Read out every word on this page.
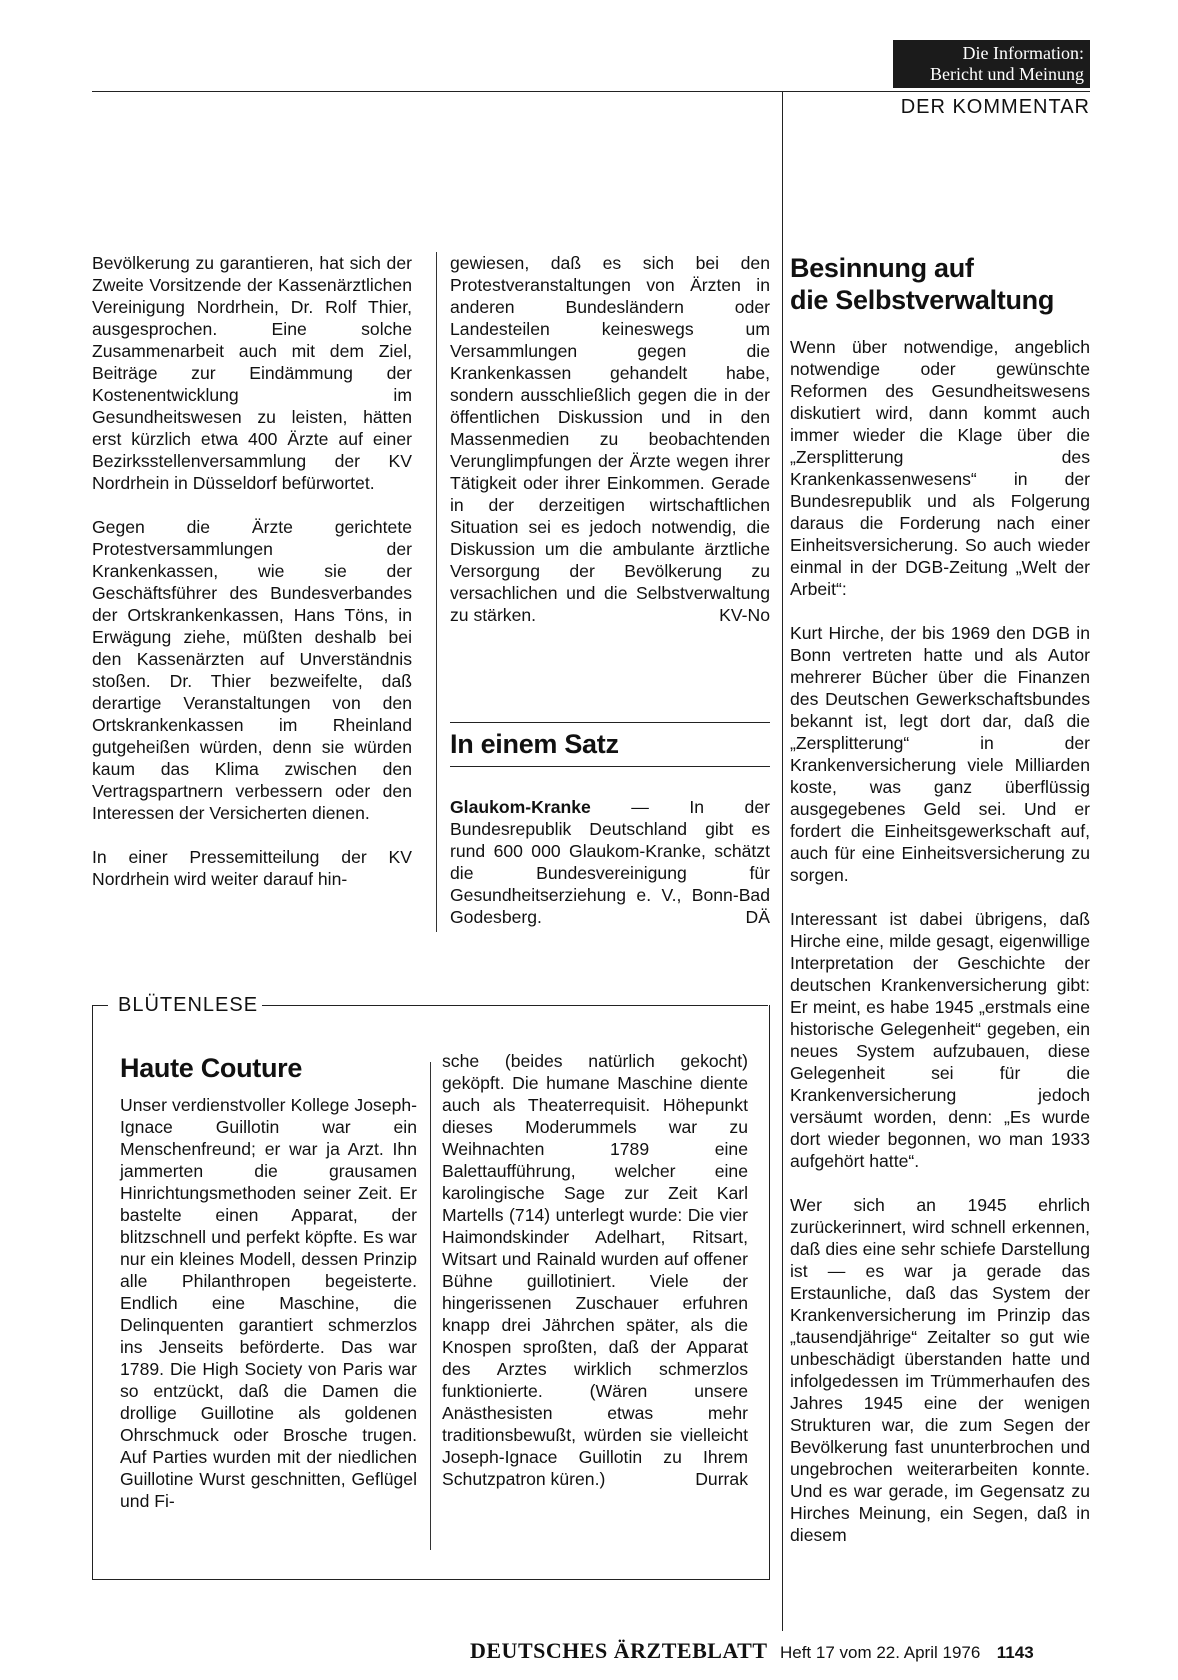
Die Information:
Bericht und Meinung
DER KOMMENTAR

Bevölkerung zu garantieren, hat sich der Zweite Vorsitzende der Kassenärztlichen Vereinigung Nordrhein, Dr. Rolf Thier, ausgesprochen. Eine solche Zusammenarbeit auch mit dem Ziel, Beiträge zur Eindämmung der Kostenentwicklung im Gesundheitswesen zu leisten, hätten erst kürzlich etwa 400 Ärzte auf einer Bezirksstellenversammlung der KV Nordrhein in Düsseldorf befürwortet.

Gegen die Ärzte gerichtete Protestversammlungen der Krankenkassen, wie sie der Geschäftsführer des Bundesverbandes der Ortskrankenkassen, Hans Töns, in Erwägung ziehe, müßten deshalb bei den Kassenärzten auf Unverständnis stoßen. Dr. Thier bezweifelte, daß derartige Veranstaltungen von den Ortskrankenkassen im Rheinland gutgeheißen würden, denn sie würden kaum das Klima zwischen den Vertragspartnern verbessern oder den Interessen der Versicherten dienen.

In einer Pressemitteilung der KV Nordrhein wird weiter darauf hin-

gewiesen, daß es sich bei den Protestveranstaltungen von Ärzten in anderen Bundesländern oder Landesteilen keineswegs um Versammlungen gegen die Krankenkassen gehandelt habe, sondern ausschließlich gegen die in der öffentlichen Diskussion und in den Massenmedien zu beobachtenden Verunglimpfungen der Ärzte wegen ihrer Tätigkeit oder ihrer Einkommen. Gerade in der derzeitigen wirtschaftlichen Situation sei es jedoch notwendig, die Diskussion um die ambulante ärztliche Versorgung der Bevölkerung zu versachlichen und die Selbstverwaltung zu stärken.	KV-No

In einem Satz

Glaukom-Kranke — In der Bundesrepublik Deutschland gibt es rund 600 000 Glaukom-Kranke, schätzt die Bundesvereinigung für Gesundheitserziehung e. V., Bonn-Bad Godesberg.	DÄ

Besinnung auf
die Selbstverwaltung

Wenn über notwendige, angeblich notwendige oder gewünschte Reformen des Gesundheitswesens diskutiert wird, dann kommt auch immer wieder die Klage über die „Zersplitterung des Krankenkassenwesens“ in der Bundesrepublik und als Folgerung daraus die Forderung nach einer Einheitsversicherung. So auch wieder einmal in der DGB-Zeitung „Welt der Arbeit“:

Kurt Hirche, der bis 1969 den DGB in Bonn vertreten hatte und als Autor mehrerer Bücher über die Finanzen des Deutschen Gewerkschaftsbundes bekannt ist, legt dort dar, daß die „Zersplitterung“ in der Krankenversicherung viele Milliarden koste, was ganz überflüssig ausgegebenes Geld sei. Und er fordert die Einheitsgewerkschaft auf, auch für eine Einheitsversicherung zu sorgen.

Interessant ist dabei übrigens, daß Hirche eine, milde gesagt, eigenwillige Interpretation der Geschichte der deutschen Krankenversicherung gibt: Er meint, es habe 1945 „erstmals eine historische Gelegenheit“ gegeben, ein neues System aufzubauen, diese Gelegenheit sei für die Krankenversicherung jedoch versäumt worden, denn: „Es wurde dort wieder begonnen, wo man 1933 aufgehört hatte“.

Wer sich an 1945 ehrlich zurückerinnert, wird schnell erkennen, daß dies eine sehr schiefe Darstellung ist — es war ja gerade das Erstaunliche, daß das System der Krankenversicherung im Prinzip das „tausendjährige“ Zeitalter so gut wie unbeschädigt überstanden hatte und infolgedessen im Trümmerhaufen des Jahres 1945 eine der wenigen Strukturen war, die zum Segen der Bevölkerung fast ununterbrochen und ungebrochen weiterarbeiten konnte. Und es war gerade, im Gegensatz zu Hirches Meinung, ein Segen, daß in diesem

BLÜTENLESE
Haute Couture

Unser verdienstvoller Kollege Joseph-Ignace Guillotin war ein Menschenfreund; er war ja Arzt. Ihn jammerten die grausamen Hinrichtungsmethoden seiner Zeit. Er bastelte einen Apparat, der blitzschnell und perfekt köpfte. Es war nur ein kleines Modell, dessen Prinzip alle Philanthropen begeisterte. Endlich eine Maschine, die Delinquenten garantiert schmerzlos ins Jenseits beförderte. Das war 1789. Die High Society von Paris war so entzückt, daß die Damen die drollige Guillotine als goldenen Ohrschmuck oder Brosche trugen. Auf Parties wurden mit der niedlichen Guillotine Wurst geschnitten, Geflügel und Fi-

sche (beides natürlich gekocht) geköpft. Die humane Maschine diente auch als Theaterrequisit. Höhepunkt dieses Moderummels war zu Weihnachten 1789 eine Balettaufführung, welcher eine karolingische Sage zur Zeit Karl Martells (714) unterlegt wurde: Die vier Haimondskinder Adelhart, Ritsart, Witsart und Rainald wurden auf offener Bühne guillotiniert. Viele der hingerissenen Zuschauer erfuhren knapp drei Jährchen später, als die Knospen sproßten, daß der Apparat des Arztes wirklich schmerzlos funktionierte. (Wären unsere Anästhesisten etwas mehr traditionsbewußt, würden sie vielleicht Joseph-Ignace Guillotin zu Ihrem Schutzpatron küren.)	Durrak

DEUTSCHES ÄRZTEBLATT Heft 17 vom 22. April 1976 1143
